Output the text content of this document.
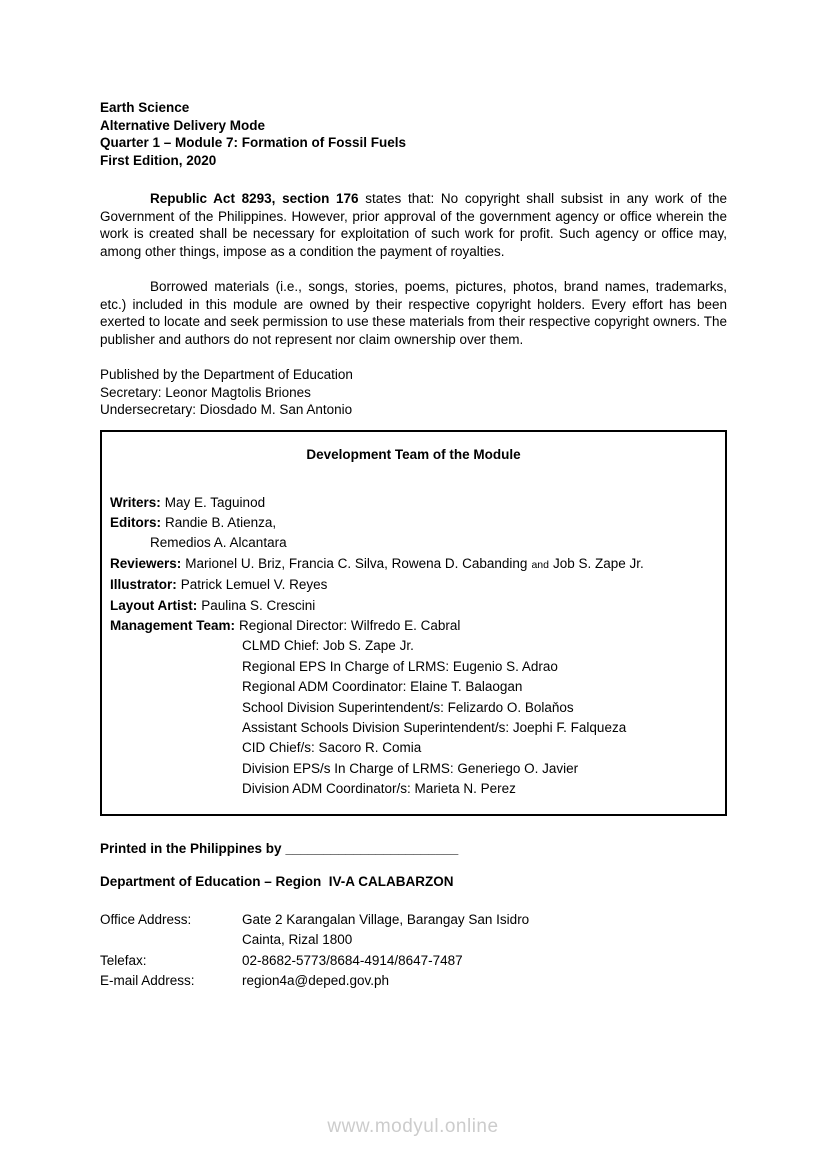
Earth Science
Alternative Delivery Mode
Quarter 1 – Module 7: Formation of Fossil Fuels
First Edition, 2020

Republic Act 8293, section 176 states that: No copyright shall subsist in any work of the Government of the Philippines. However, prior approval of the government agency or office wherein the work is created shall be necessary for exploitation of such work for profit. Such agency or office may, among other things, impose as a condition the payment of royalties.

Borrowed materials (i.e., songs, stories, poems, pictures, photos, brand names, trademarks, etc.) included in this module are owned by their respective copyright holders. Every effort has been exerted to locate and seek permission to use these materials from their respective copyright owners. The publisher and authors do not represent nor claim ownership over them.

Published by the Department of Education
Secretary: Leonor Magtolis Briones
Undersecretary: Diosdado M. San Antonio
Development Team of the Module
Writers: May E. Taguinod
Editors: Randie B. Atienza,
Remedios A. Alcantara
Reviewers: Marionel U. Briz, Francia C. Silva, Rowena D. Cabanding and Job S. Zape Jr.
Illustrator: Patrick Lemuel V. Reyes
Layout Artist: Paulina S. Crescini
Management Team: Regional Director: Wilfredo E. Cabral
CLMD Chief: Job S. Zape Jr.
Regional EPS In Charge of LRMS: Eugenio S. Adrao
Regional ADM Coordinator: Elaine T. Balaogan
School Division Superintendent/s: Felizardo O. Bolaňos
Assistant Schools Division Superintendent/s: Joephi F. Falqueza
CID Chief/s: Sacoro R. Comia
Division EPS/s In Charge of LRMS: Generiego O. Javier
Division ADM Coordinator/s: Marieta N. Perez
Printed in the Philippines by _______________________
Department of Education – Region  IV-A CALABARZON
Office Address:	Gate 2 Karangalan Village, Barangay San Isidro
Cainta, Rizal 1800
Telefax:	02-8682-5773/8684-4914/8647-7487
E-mail Address:	region4a@deped.gov.ph
www.modyul.online
